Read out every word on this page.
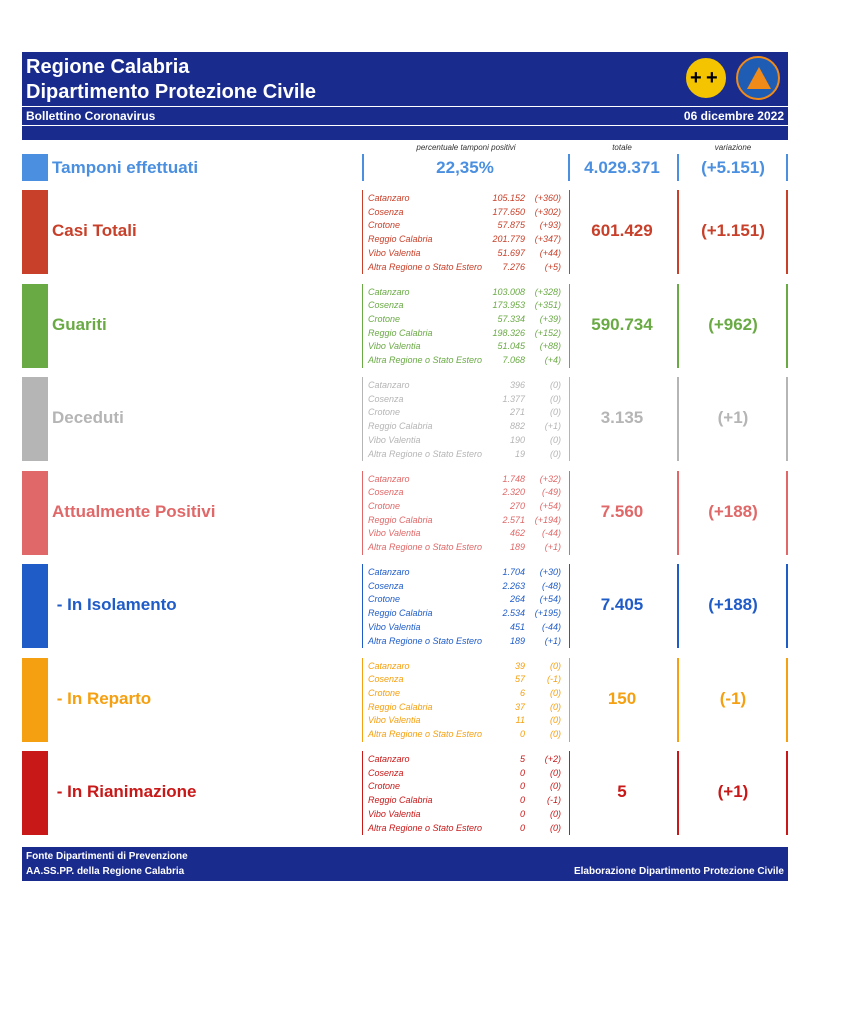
Regione Calabria
Dipartimento Protezione Civile
Bollettino Coronavirus	06 dicembre 2022
+ +
percentuale tamponi positivi	totale	variazione
Tamponi effettuati	22,35%	4.029.371	(+5.151)
Casi Totali
Catanzaro	105.152	(+360)
Cosenza	177.650	(+302)
Crotone	57.875	(+93)
Reggio Calabria	201.779	(+347)
Vibo Valentia	51.697	(+44)
Altra Regione o Stato Estero	7.276	(+5)
601.429	(+1.151)
Guariti
Catanzaro	103.008	(+328)
Cosenza	173.953	(+351)
Crotone	57.334	(+39)
Reggio Calabria	198.326	(+152)
Vibo Valentia	51.045	(+88)
Altra Regione o Stato Estero	7.068	(+4)
590.734	(+962)
Deceduti
Catanzaro	396	(0)
Cosenza	1.377	(0)
Crotone	271	(0)
Reggio Calabria	882	(+1)
Vibo Valentia	190	(0)
Altra Regione o Stato Estero	19	(0)
3.135	(+1)
Attualmente Positivi
Catanzaro	1.748	(+32)
Cosenza	2.320	(-49)
Crotone	270	(+54)
Reggio Calabria	2.571	(+194)
Vibo Valentia	462	(-44)
Altra Regione o Stato Estero	189	(+1)
7.560	(+188)
- In Isolamento
Catanzaro	1.704	(+30)
Cosenza	2.263	(-48)
Crotone	264	(+54)
Reggio Calabria	2.534	(+195)
Vibo Valentia	451	(-44)
Altra Regione o Stato Estero	189	(+1)
7.405	(+188)
- In Reparto
Catanzaro	39	(0)
Cosenza	57	(-1)
Crotone	6	(0)
Reggio Calabria	37	(0)
Vibo Valentia	11	(0)
Altra Regione o Stato Estero	0	(0)
150	(-1)
- In Rianimazione
Catanzaro	5	(+2)
Cosenza	0	(0)
Crotone	0	(0)
Reggio Calabria	0	(-1)
Vibo Valentia	0	(0)
Altra Regione o Stato Estero	0	(0)
5	(+1)
Fonte Dipartimenti di Prevenzione
AA.SS.PP. della Regione Calabria	Elaborazione Dipartimento Protezione Civile
